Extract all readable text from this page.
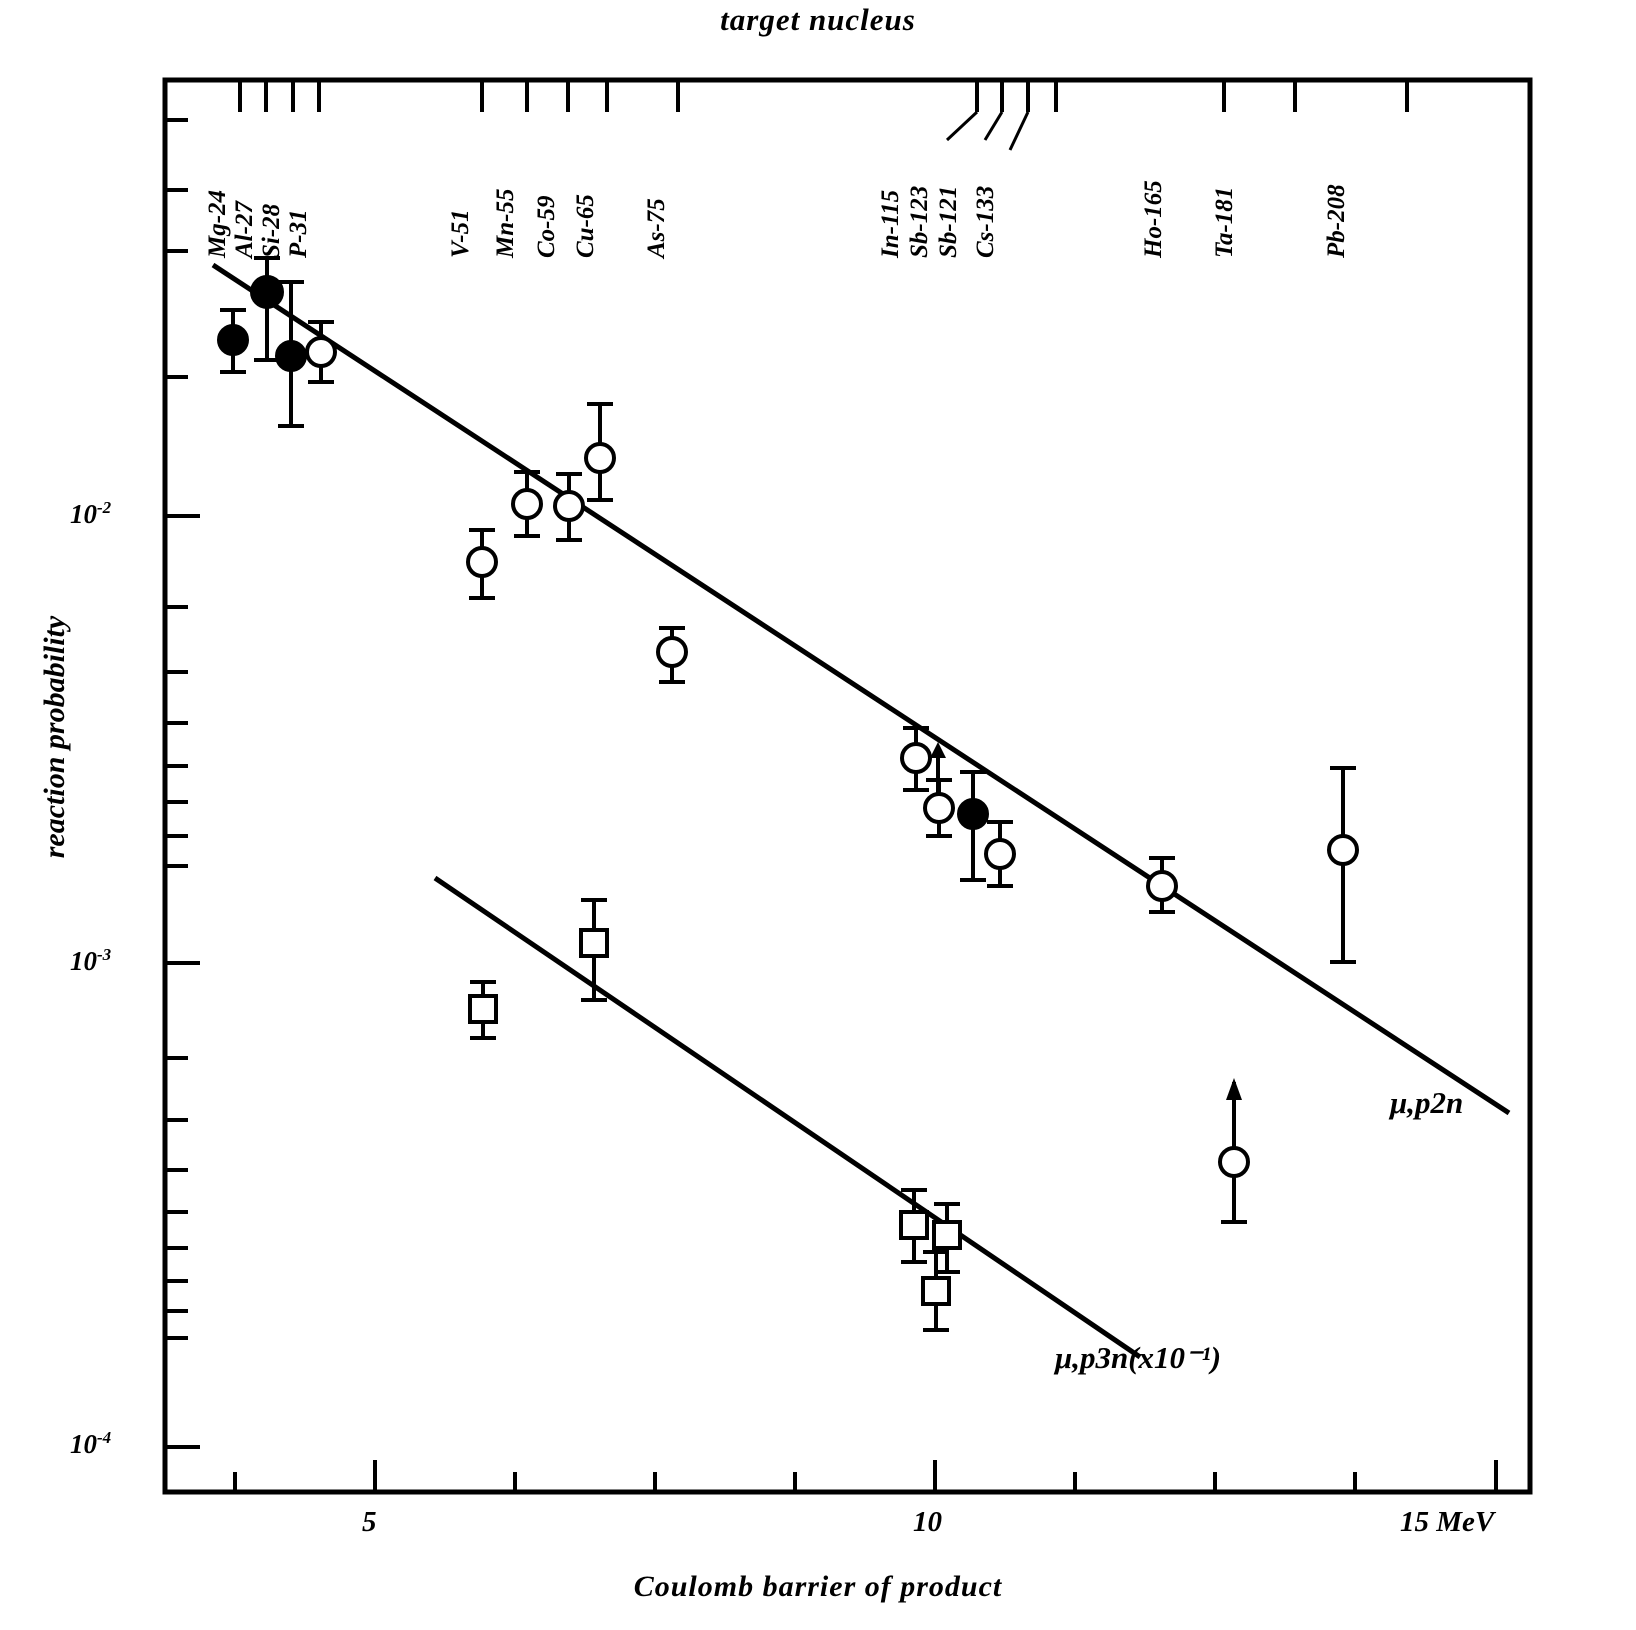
target nucleus
reaction probability
Coulomb barrier of product
$10^{-2}$
$10^{-3}$
$10^{-4}$
5	10	15 MeV
Mg-24 Al-27 Si-28 P-31	V-51 Mn-55 Co-59 Cu-65 As-75	In-115 Sb-123 Sb-121 Cs-133	Ho-165 Ta-181	Pb-208
μ,p2n
μ,p3n(x10⁻¹)
